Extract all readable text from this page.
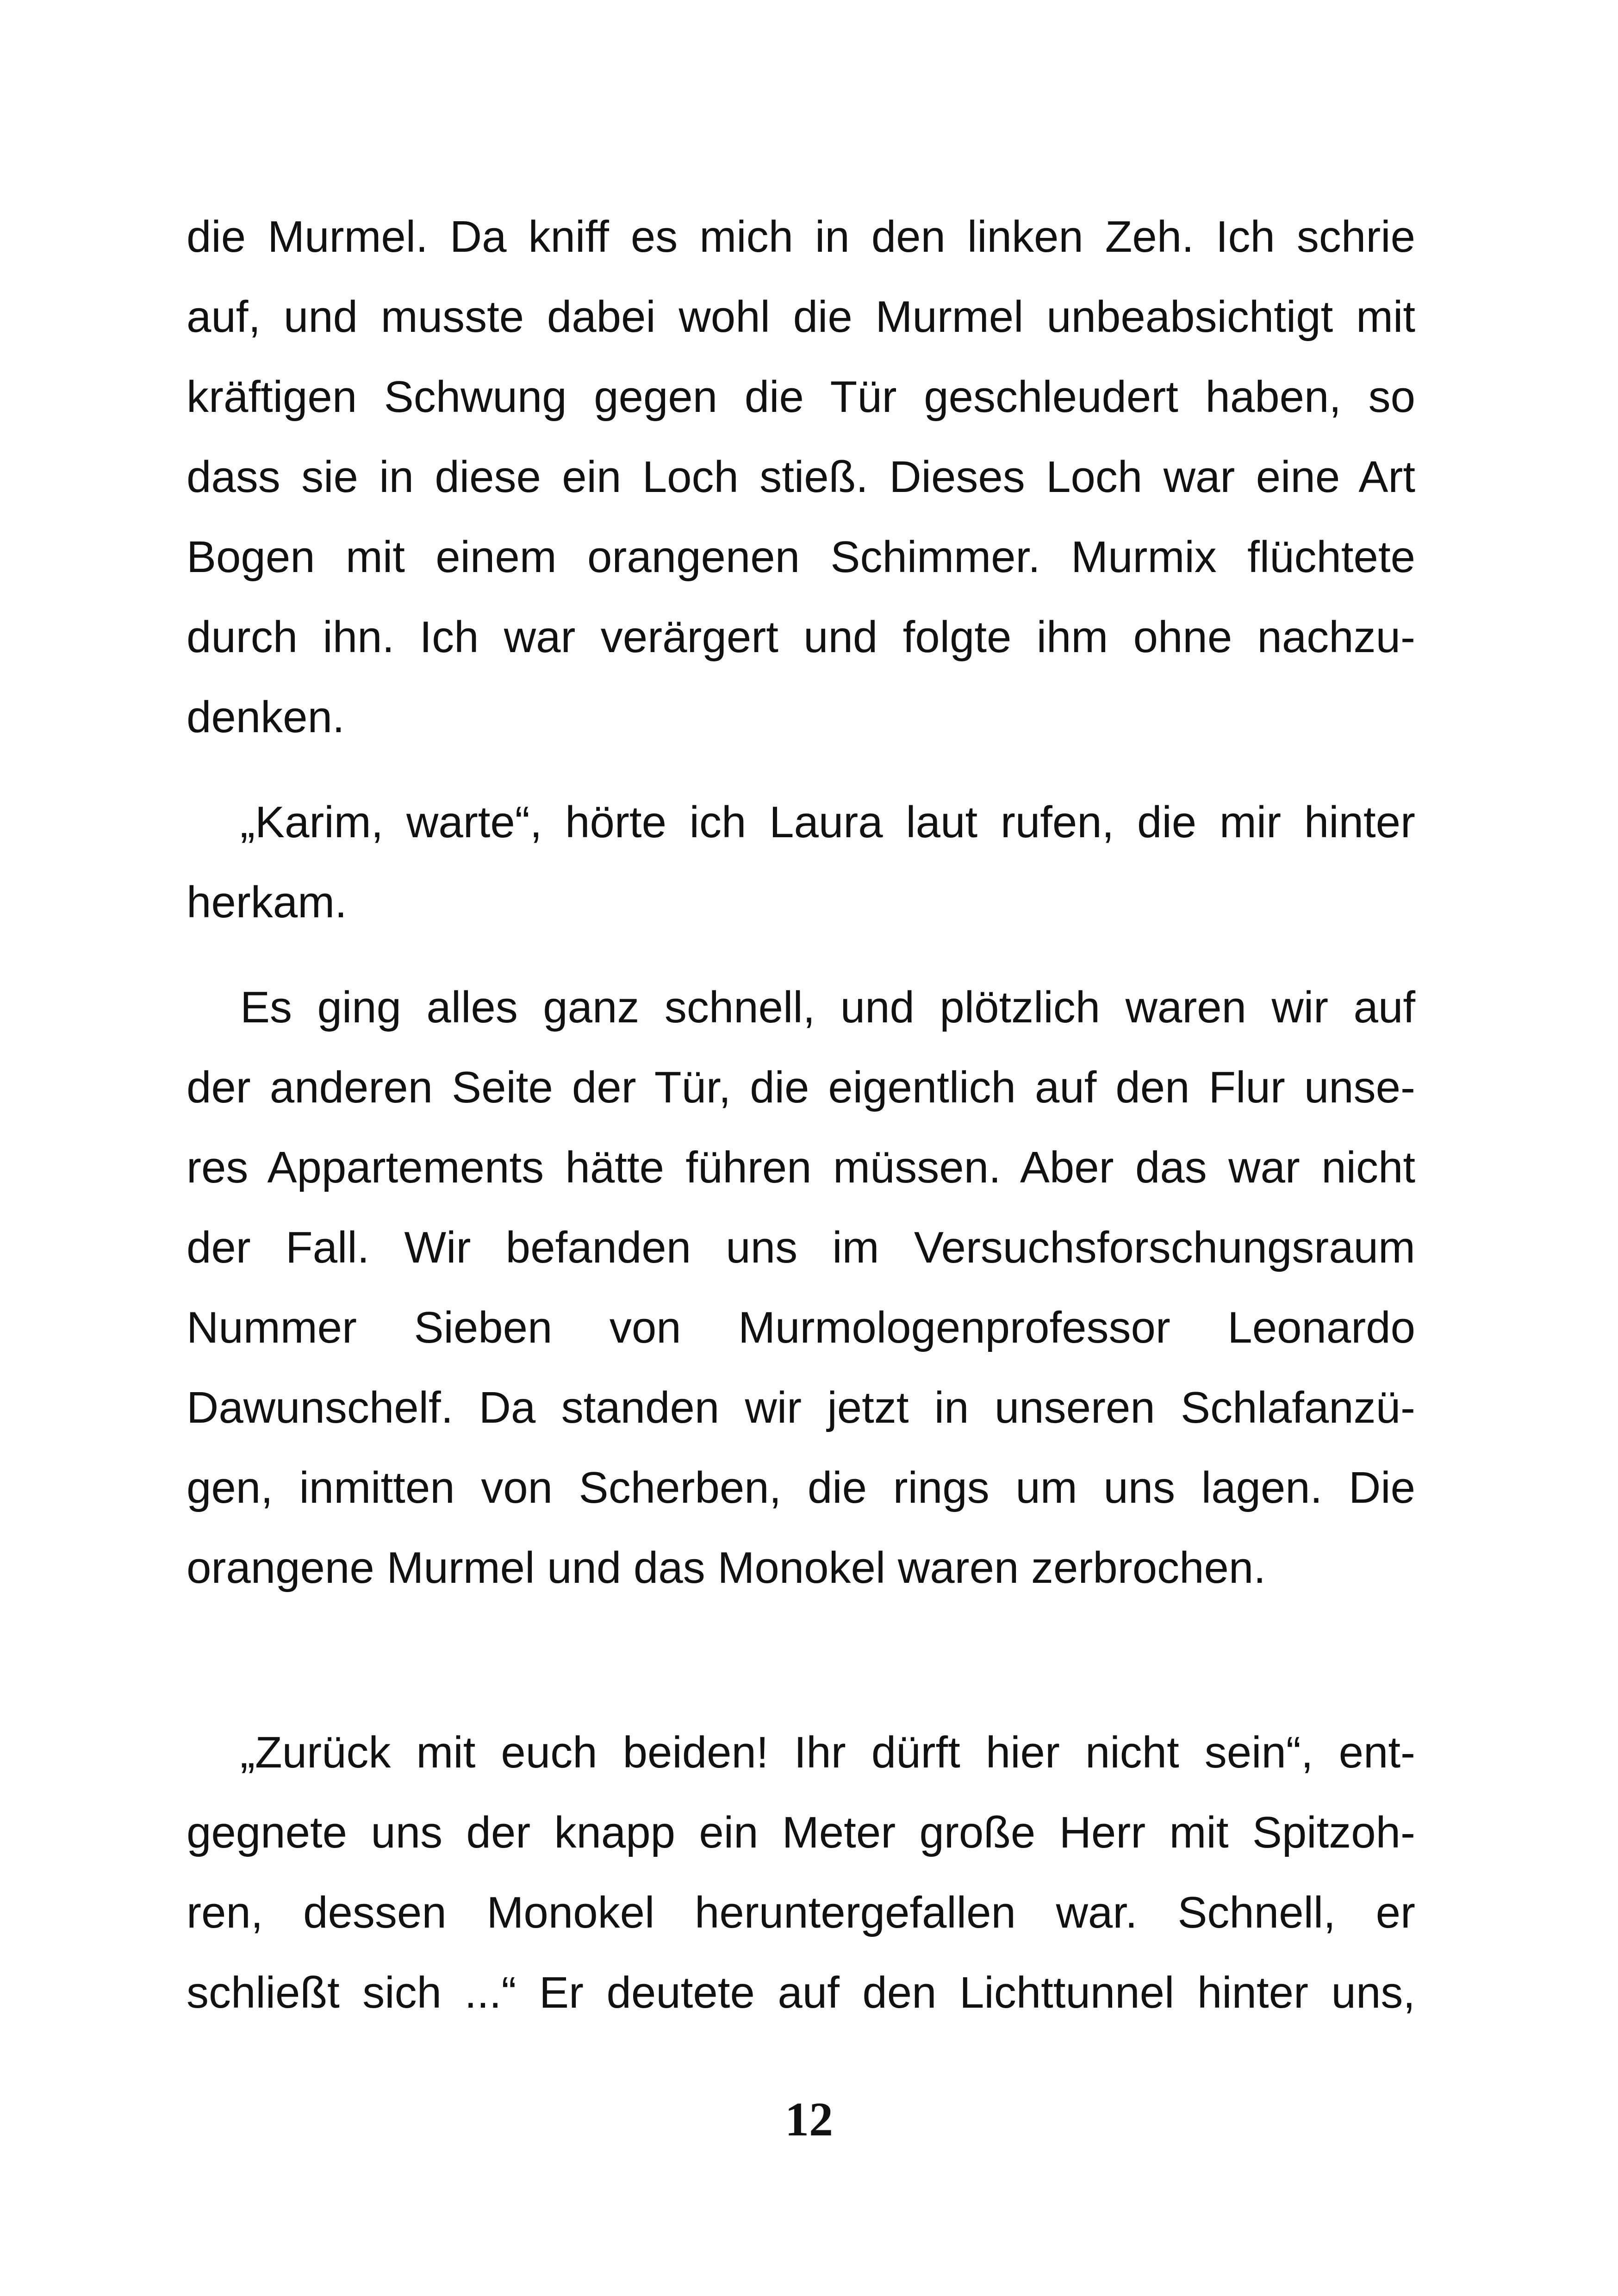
die Murmel. Da kniff es mich in den linken Zeh. Ich schrie
auf, und musste dabei wohl die Murmel unbeabsichtigt mit
kräftigen Schwung gegen die Tür geschleudert haben, so
dass sie in diese ein Loch stieß. Dieses Loch war eine Art
Bogen mit einem orangenen Schimmer. Murmix flüchtete
durch ihn. Ich war verärgert und folgte ihm ohne nachzu-
denken.

„Karim, warte“, hörte ich Laura laut rufen, die mir hinter
herkam.

Es ging alles ganz schnell, und plötzlich waren wir auf
der anderen Seite der Tür, die eigentlich auf den Flur unse-
res Appartements hätte führen müssen. Aber das war nicht
der Fall. Wir befanden uns im Versuchsforschungsraum
Nummer Sieben von Murmologenprofessor Leonardo
Dawunschelf. Da standen wir jetzt in unseren Schlafanzü-
gen, inmitten von Scherben, die rings um uns lagen. Die
orangene Murmel und das Monokel waren zerbrochen.

„Zurück mit euch beiden! Ihr dürft hier nicht sein“, ent-
gegnete uns der knapp ein Meter große Herr mit Spitzoh-
ren, dessen Monokel heruntergefallen war. Schnell, er
schließt sich ...“ Er deutete auf den Lichttunnel hinter uns,

12
